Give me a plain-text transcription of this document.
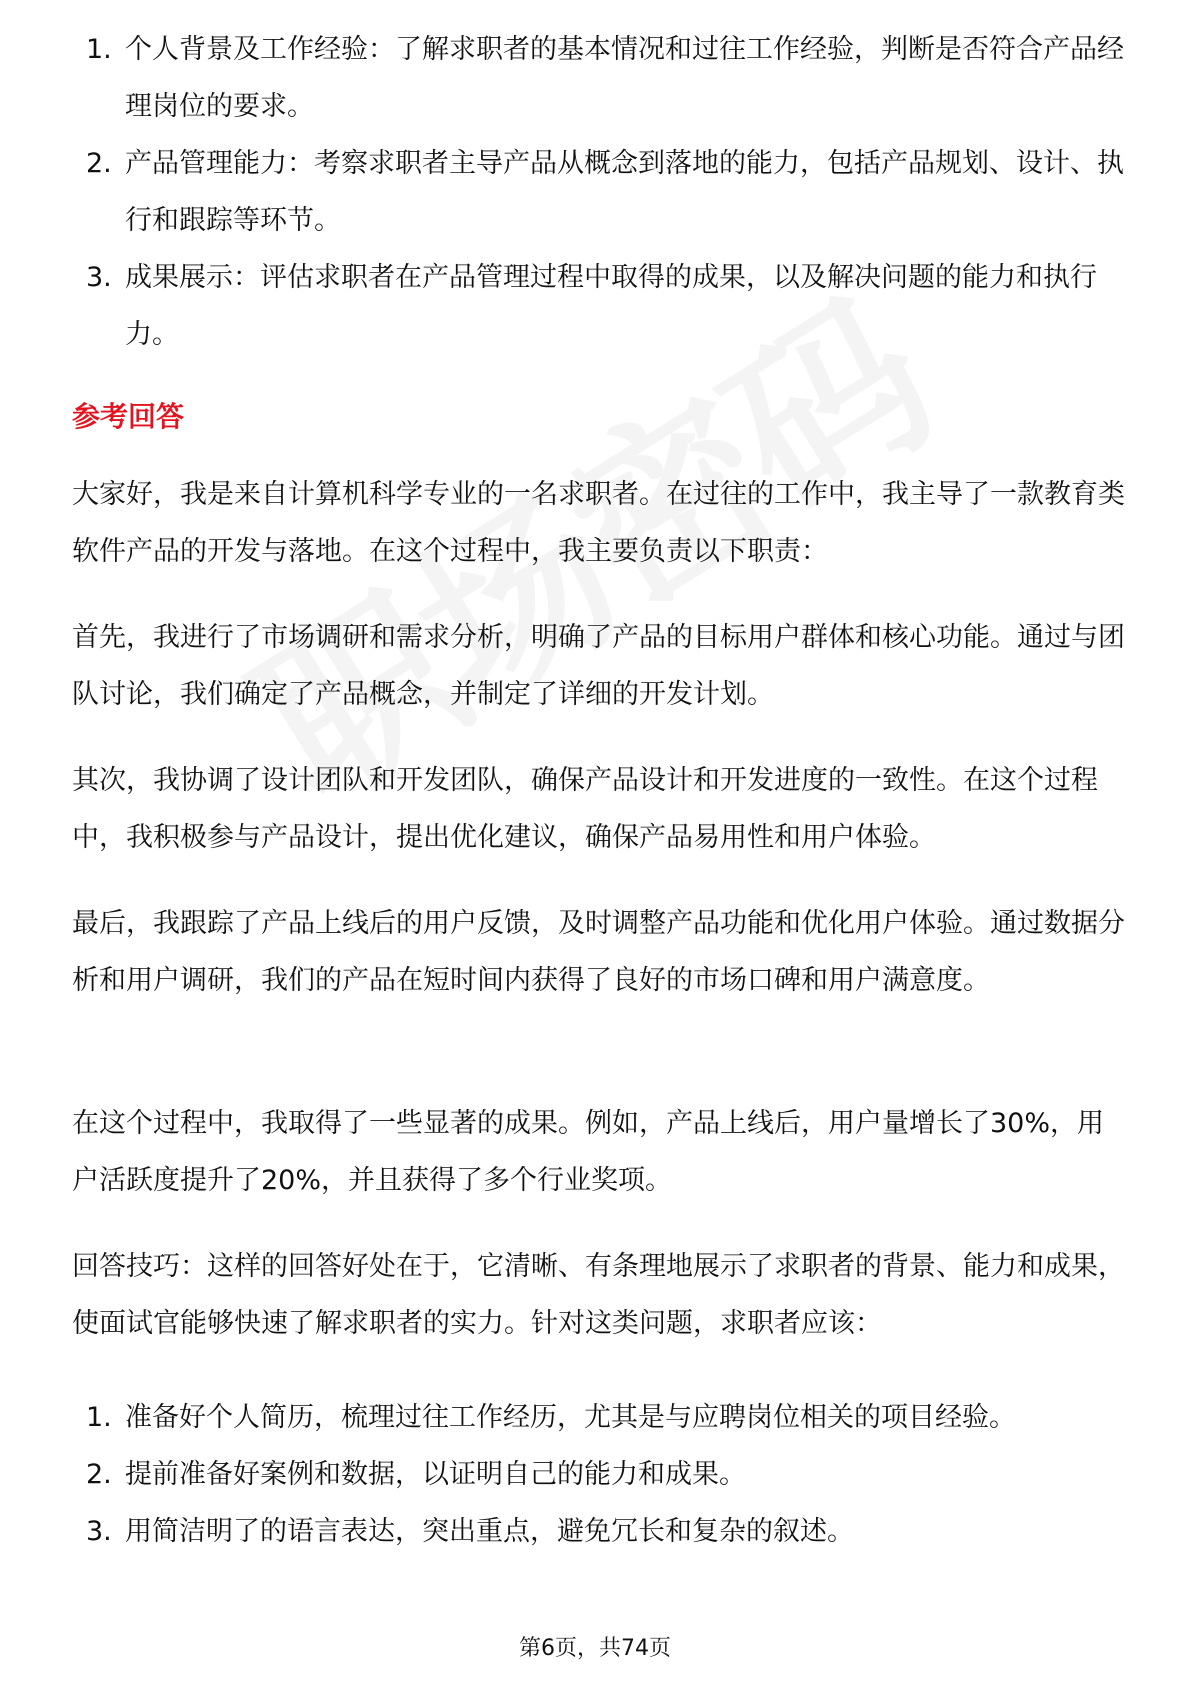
1. 个人背景及工作经验：了解求职者的基本情况和过往工作经验，判断是否符合产品经理岗位的要求。
2. 产品管理能力：考察求职者主导产品从概念到落地的能力，包括产品规划、设计、执行和跟踪等环节。
3. 成果展示：评估求职者在产品管理过程中取得的成果，以及解决问题的能力和执行力。
参考回答

大家好，我是来自计算机科学专业的一名求职者。在过往的工作中，我主导了一款教育类软件产品的开发与落地。在这个过程中，我主要负责以下职责：

首先，我进行了市场调研和需求分析，明确了产品的目标用户群体和核心功能。通过与团队讨论，我们确定了产品概念，并制定了详细的开发计划。

其次，我协调了设计团队和开发团队，确保产品设计和开发进度的一致性。在这个过程中，我积极参与产品设计，提出优化建议，确保产品易用性和用户体验。

最后，我跟踪了产品上线后的用户反馈，及时调整产品功能和优化用户体验。通过数据分析和用户调研，我们的产品在短时间内获得了良好的市场口碑和用户满意度。

在这个过程中，我取得了一些显著的成果。例如，产品上线后，用户量增长了30%，用户活跃度提升了20%，并且获得了多个行业奖项。

回答技巧：这样的回答好处在于，它清晰、有条理地展示了求职者的背景、能力和成果，使面试官能够快速了解求职者的实力。针对这类问题，求职者应该：

1. 准备好个人简历，梳理过往工作经历，尤其是与应聘岗位相关的项目经验。
2. 提前准备好案例和数据，以证明自己的能力和成果。
3. 用简洁明了的语言表达，突出重点，避免冗长和复杂的叙述。
第6页，共74页
